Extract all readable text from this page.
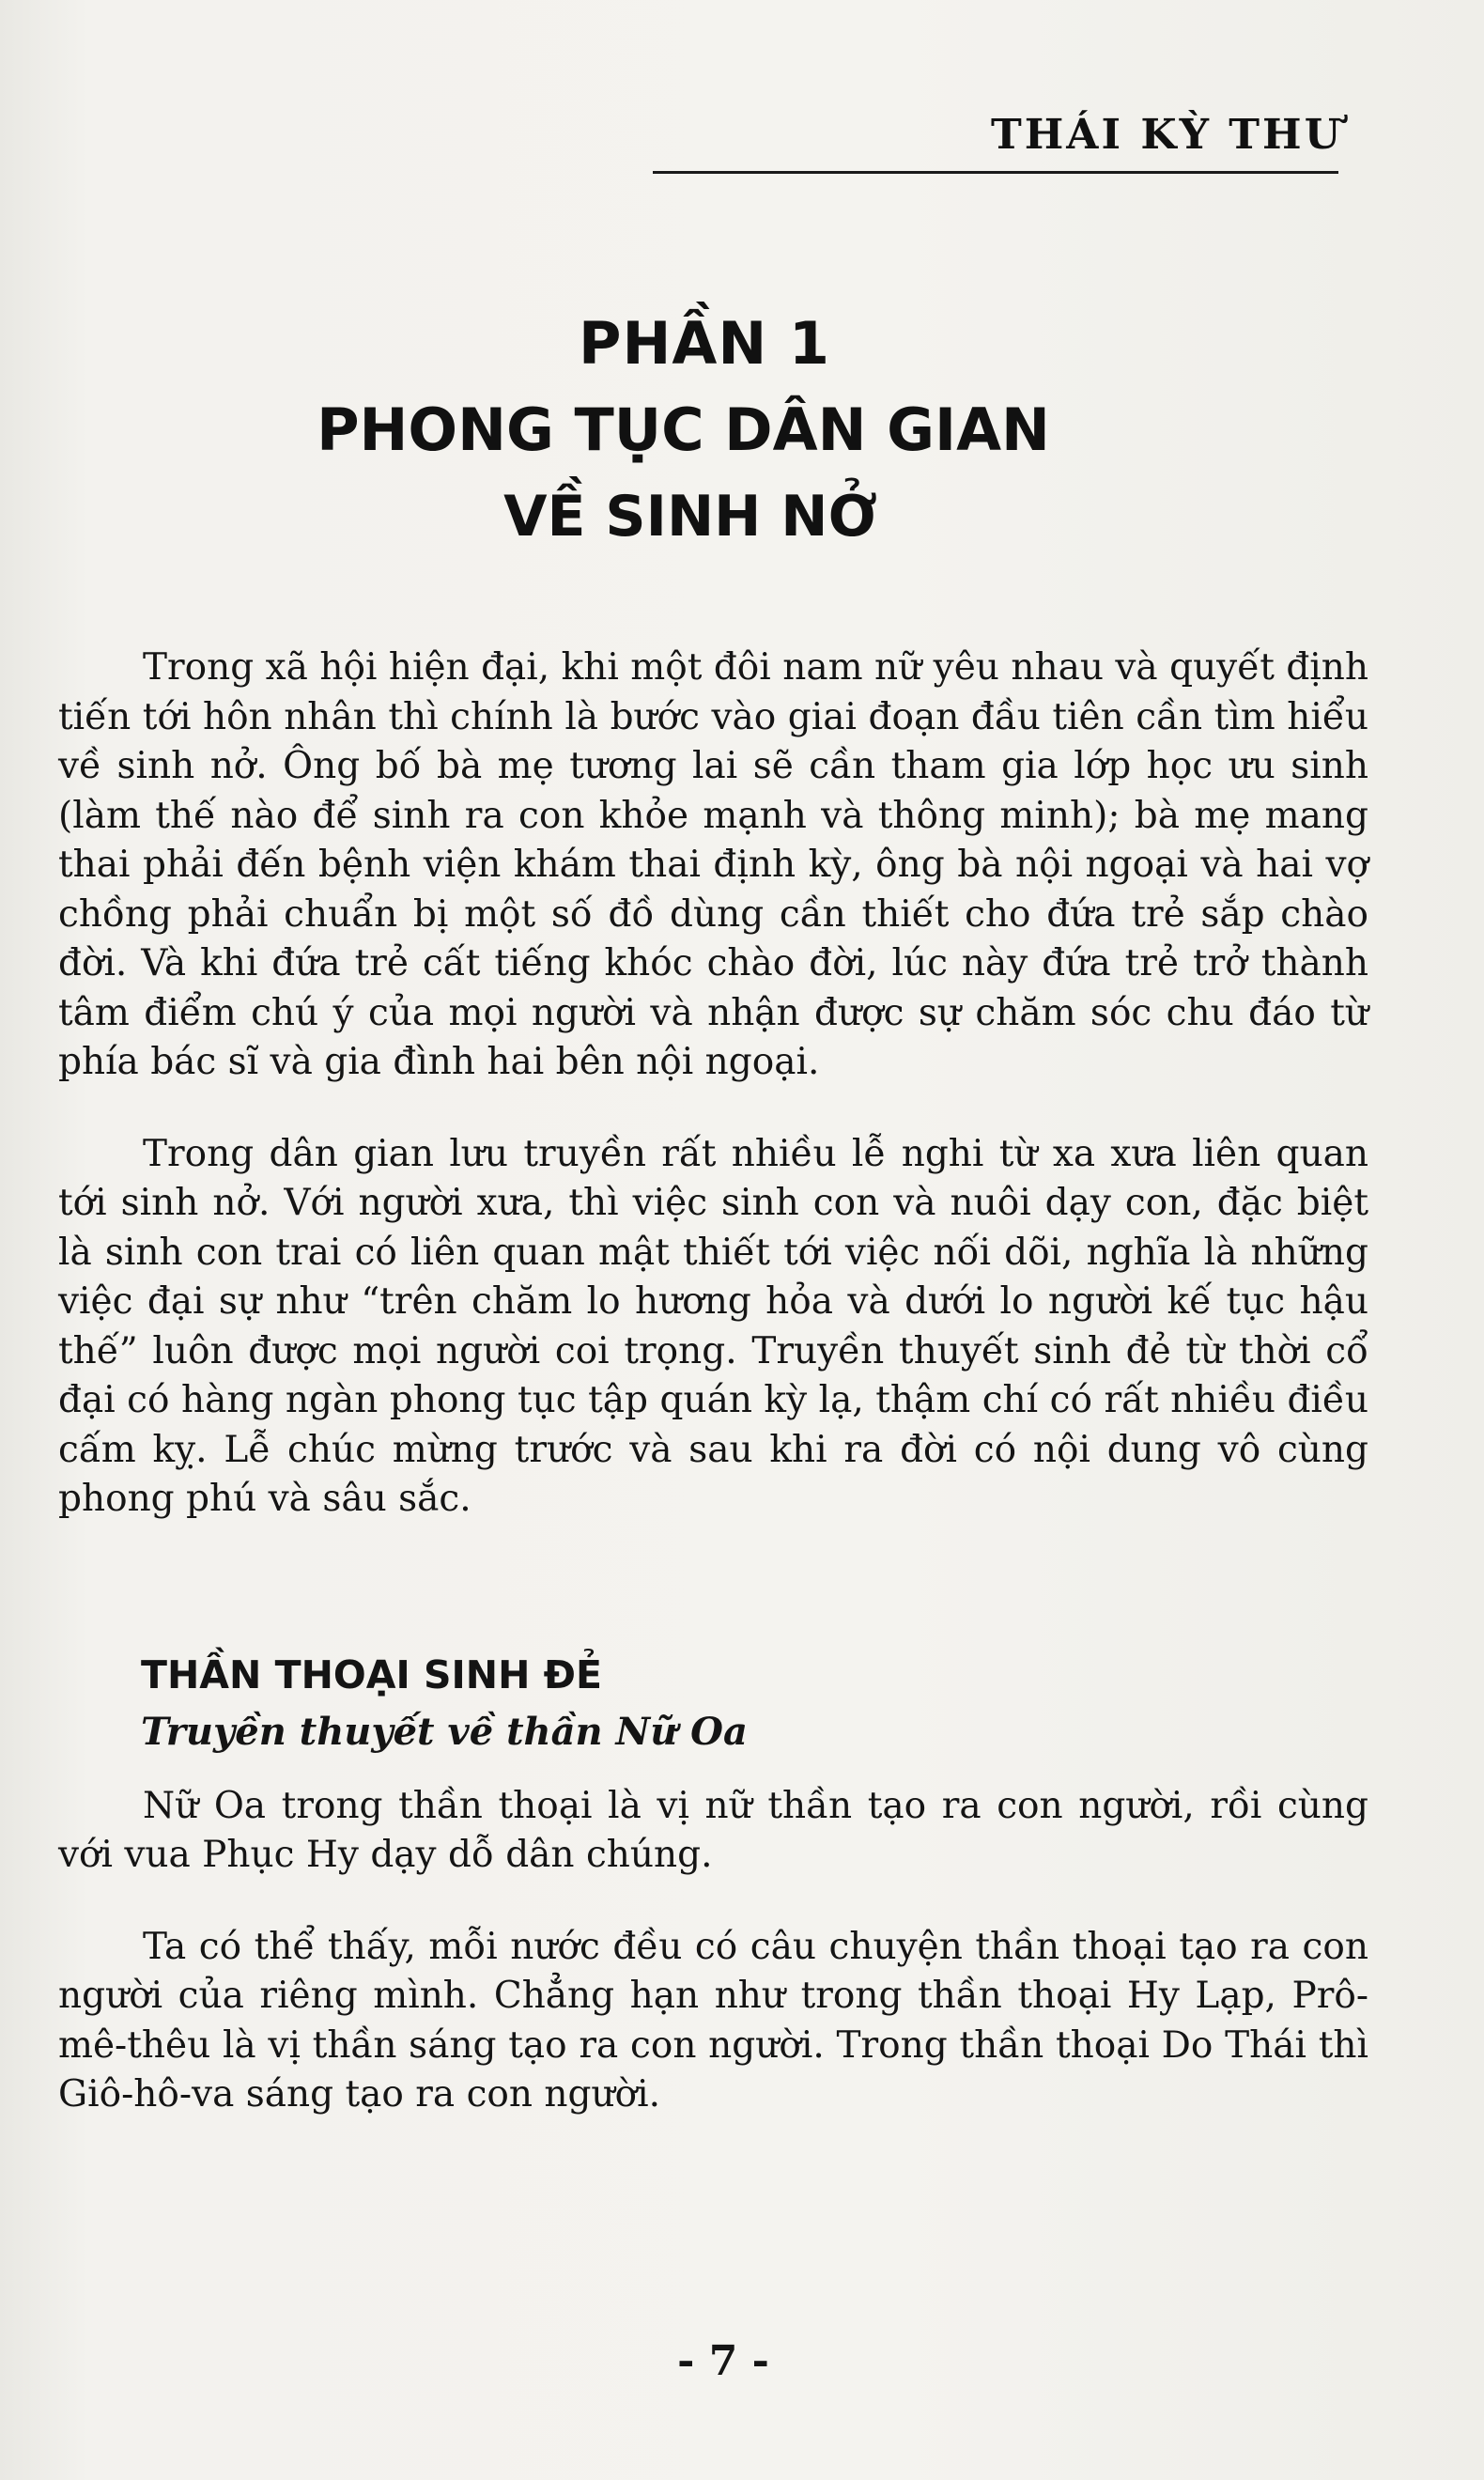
THÁI KỲ THƯ
PHẦN 1
PHONG TỤC DÂN GIAN
VỀ SINH NỞ

Trong xã hội hiện đại, khi một đôi nam nữ yêu nhau và quyết định tiến tới hôn nhân thì chính là bước vào giai đoạn đầu tiên cần tìm hiểu về sinh nở. Ông bố bà mẹ tương lai sẽ cần tham gia lớp học ưu sinh (làm thế nào để sinh ra con khỏe mạnh và thông minh); bà mẹ mang thai phải đến bệnh viện khám thai định kỳ, ông bà nội ngoại và hai vợ chồng phải chuẩn bị một số đồ dùng cần thiết cho đứa trẻ sắp chào đời. Và khi đứa trẻ cất tiếng khóc chào đời, lúc này đứa trẻ trở thành tâm điểm chú ý của mọi người và nhận được sự chăm sóc chu đáo từ phía bác sĩ và gia đình hai bên nội ngoại.

Trong dân gian lưu truyền rất nhiều lễ nghi từ xa xưa liên quan tới sinh nở. Với người xưa, thì việc sinh con và nuôi dạy con, đặc biệt là sinh con trai có liên quan mật thiết tới việc nối dõi, nghĩa là những việc đại sự như “trên chăm lo hương hỏa và dưới lo người kế tục hậu thế” luôn được mọi người coi trọng. Truyền thuyết sinh đẻ từ thời cổ đại có hàng ngàn phong tục tập quán kỳ lạ, thậm chí có rất nhiều điều cấm kỵ. Lễ chúc mừng trước và sau khi ra đời có nội dung vô cùng phong phú và sâu sắc.

THẦN THOẠI SINH ĐẺ
Truyền thuyết về thần Nữ Oa

Nữ Oa trong thần thoại là vị nữ thần tạo ra con người, rồi cùng với vua Phục Hy dạy dỗ dân chúng.

Ta có thể thấy, mỗi nước đều có câu chuyện thần thoại tạo ra con người của riêng mình. Chẳng hạn như trong thần thoại Hy Lạp, Prô-mê-thêu là vị thần sáng tạo ra con người. Trong thần thoại Do Thái thì Giô-hô-va sáng tạo ra con người.

- 7 -
